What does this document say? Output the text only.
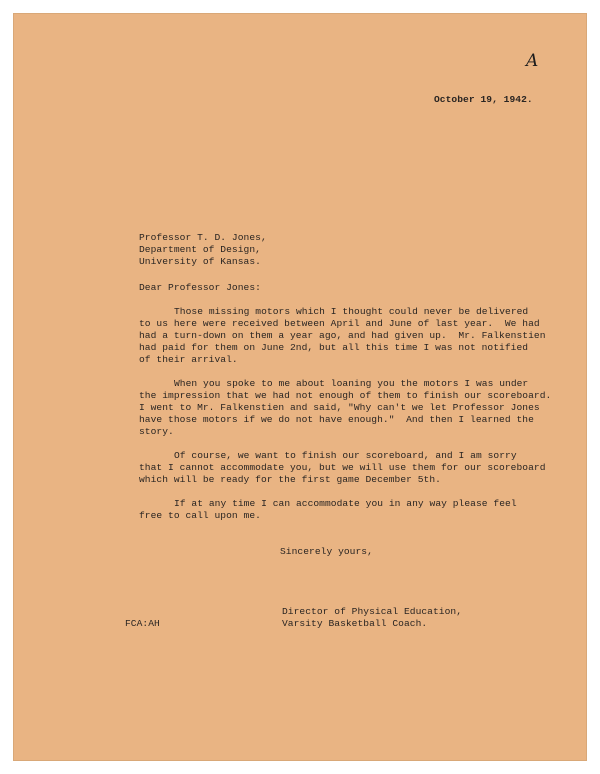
A
October 19, 1942.
Professor T. D. Jones,
Department of Design,
University of Kansas.
Dear Professor Jones:
Those missing motors which I thought could never be delivered
to us here were received between April and June of last year.  We had
had a turn-down on them a year ago, and had given up.  Mr. Falkenstien
had paid for them on June 2nd, but all this time I was not notified
of their arrival.
When you spoke to me about loaning you the motors I was under
the impression that we had not enough of them to finish our scoreboard.
I went to Mr. Falkenstien and said, "Why can't we let Professor Jones
have those motors if we do not have enough."  And then I learned the
story.
Of course, we want to finish our scoreboard, and I am sorry
that I cannot accommodate you, but we will use them for our scoreboard
which will be ready for the first game December 5th.
If at any time I can accommodate you in any way please feel
free to call upon me.
Sincerely yours,
Director of Physical Education,
Varsity Basketball Coach.
FCA:AH
